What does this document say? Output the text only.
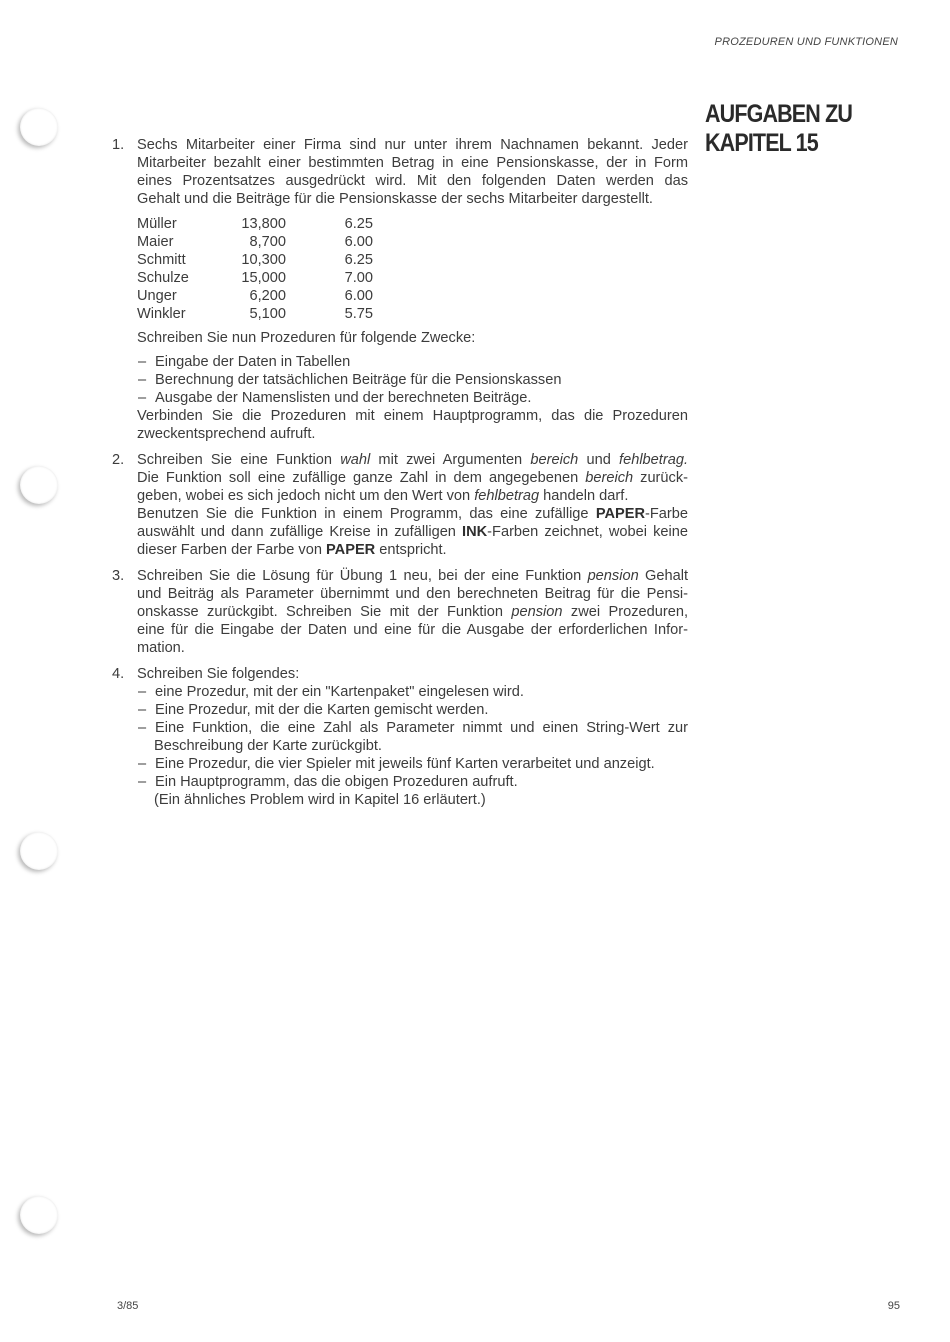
PROZEDUREN UND FUNKTIONEN
AUFGABEN ZU
KAPITEL 15
1. Sechs Mitarbeiter einer Firma sind nur unter ihrem Nachnamen bekannt. Jeder
Mitarbeiter bezahlt einer bestimmten Betrag in eine Pensionskasse, der in Form
eines Prozentsatzes ausgedrückt wird. Mit den folgenden Daten werden das
Gehalt und die Beiträge für die Pensionskasse der sechs Mitarbeiter dargestellt.
Müller	13,800	6.25
Maier	8,700	6.00
Schmitt	10,300	6.25
Schulze	15,000	7.00
Unger	6,200	6.00
Winkler	5,100	5.75
Schreiben Sie nun Prozeduren für folgende Zwecke:
– Eingabe der Daten in Tabellen
– Berechnung der tatsächlichen Beiträge für die Pensionskassen
– Ausgabe der Namenslisten und der berechneten Beiträge.
Verbinden Sie die Prozeduren mit einem Hauptprogramm, das die Prozeduren
zweckentsprechend aufruft.
2. Schreiben Sie eine Funktion wahl mit zwei Argumenten bereich und fehlbetrag.
Die Funktion soll eine zufällige ganze Zahl in dem angegebenen bereich zurück-
geben, wobei es sich jedoch nicht um den Wert von fehlbetrag handeln darf.
Benutzen Sie die Funktion in einem Programm, das eine zufällige PAPER-Farbe
auswählt und dann zufällige Kreise in zufälligen INK-Farben zeichnet, wobei keine
dieser Farben der Farbe von PAPER entspricht.
3. Schreiben Sie die Lösung für Übung 1 neu, bei der eine Funktion pension Gehalt
und Beiträg als Parameter übernimmt und den berechneten Beitrag für die Pensi-
onskasse zurückgibt. Schreiben Sie mit der Funktion pension zwei Prozeduren,
eine für die Eingabe der Daten und eine für die Ausgabe der erforderlichen Infor-
mation.
4. Schreiben Sie folgendes:
– eine Prozedur, mit der ein "Kartenpaket" eingelesen wird.
– Eine Prozedur, mit der die Karten gemischt werden.
– Eine Funktion, die eine Zahl als Parameter nimmt und einen String-Wert zur
Beschreibung der Karte zurückgibt.
– Eine Prozedur, die vier Spieler mit jeweils fünf Karten verarbeitet und anzeigt.
– Ein Hauptprogramm, das die obigen Prozeduren aufruft.
(Ein ähnliches Problem wird in Kapitel 16 erläutert.)
3/85	95
